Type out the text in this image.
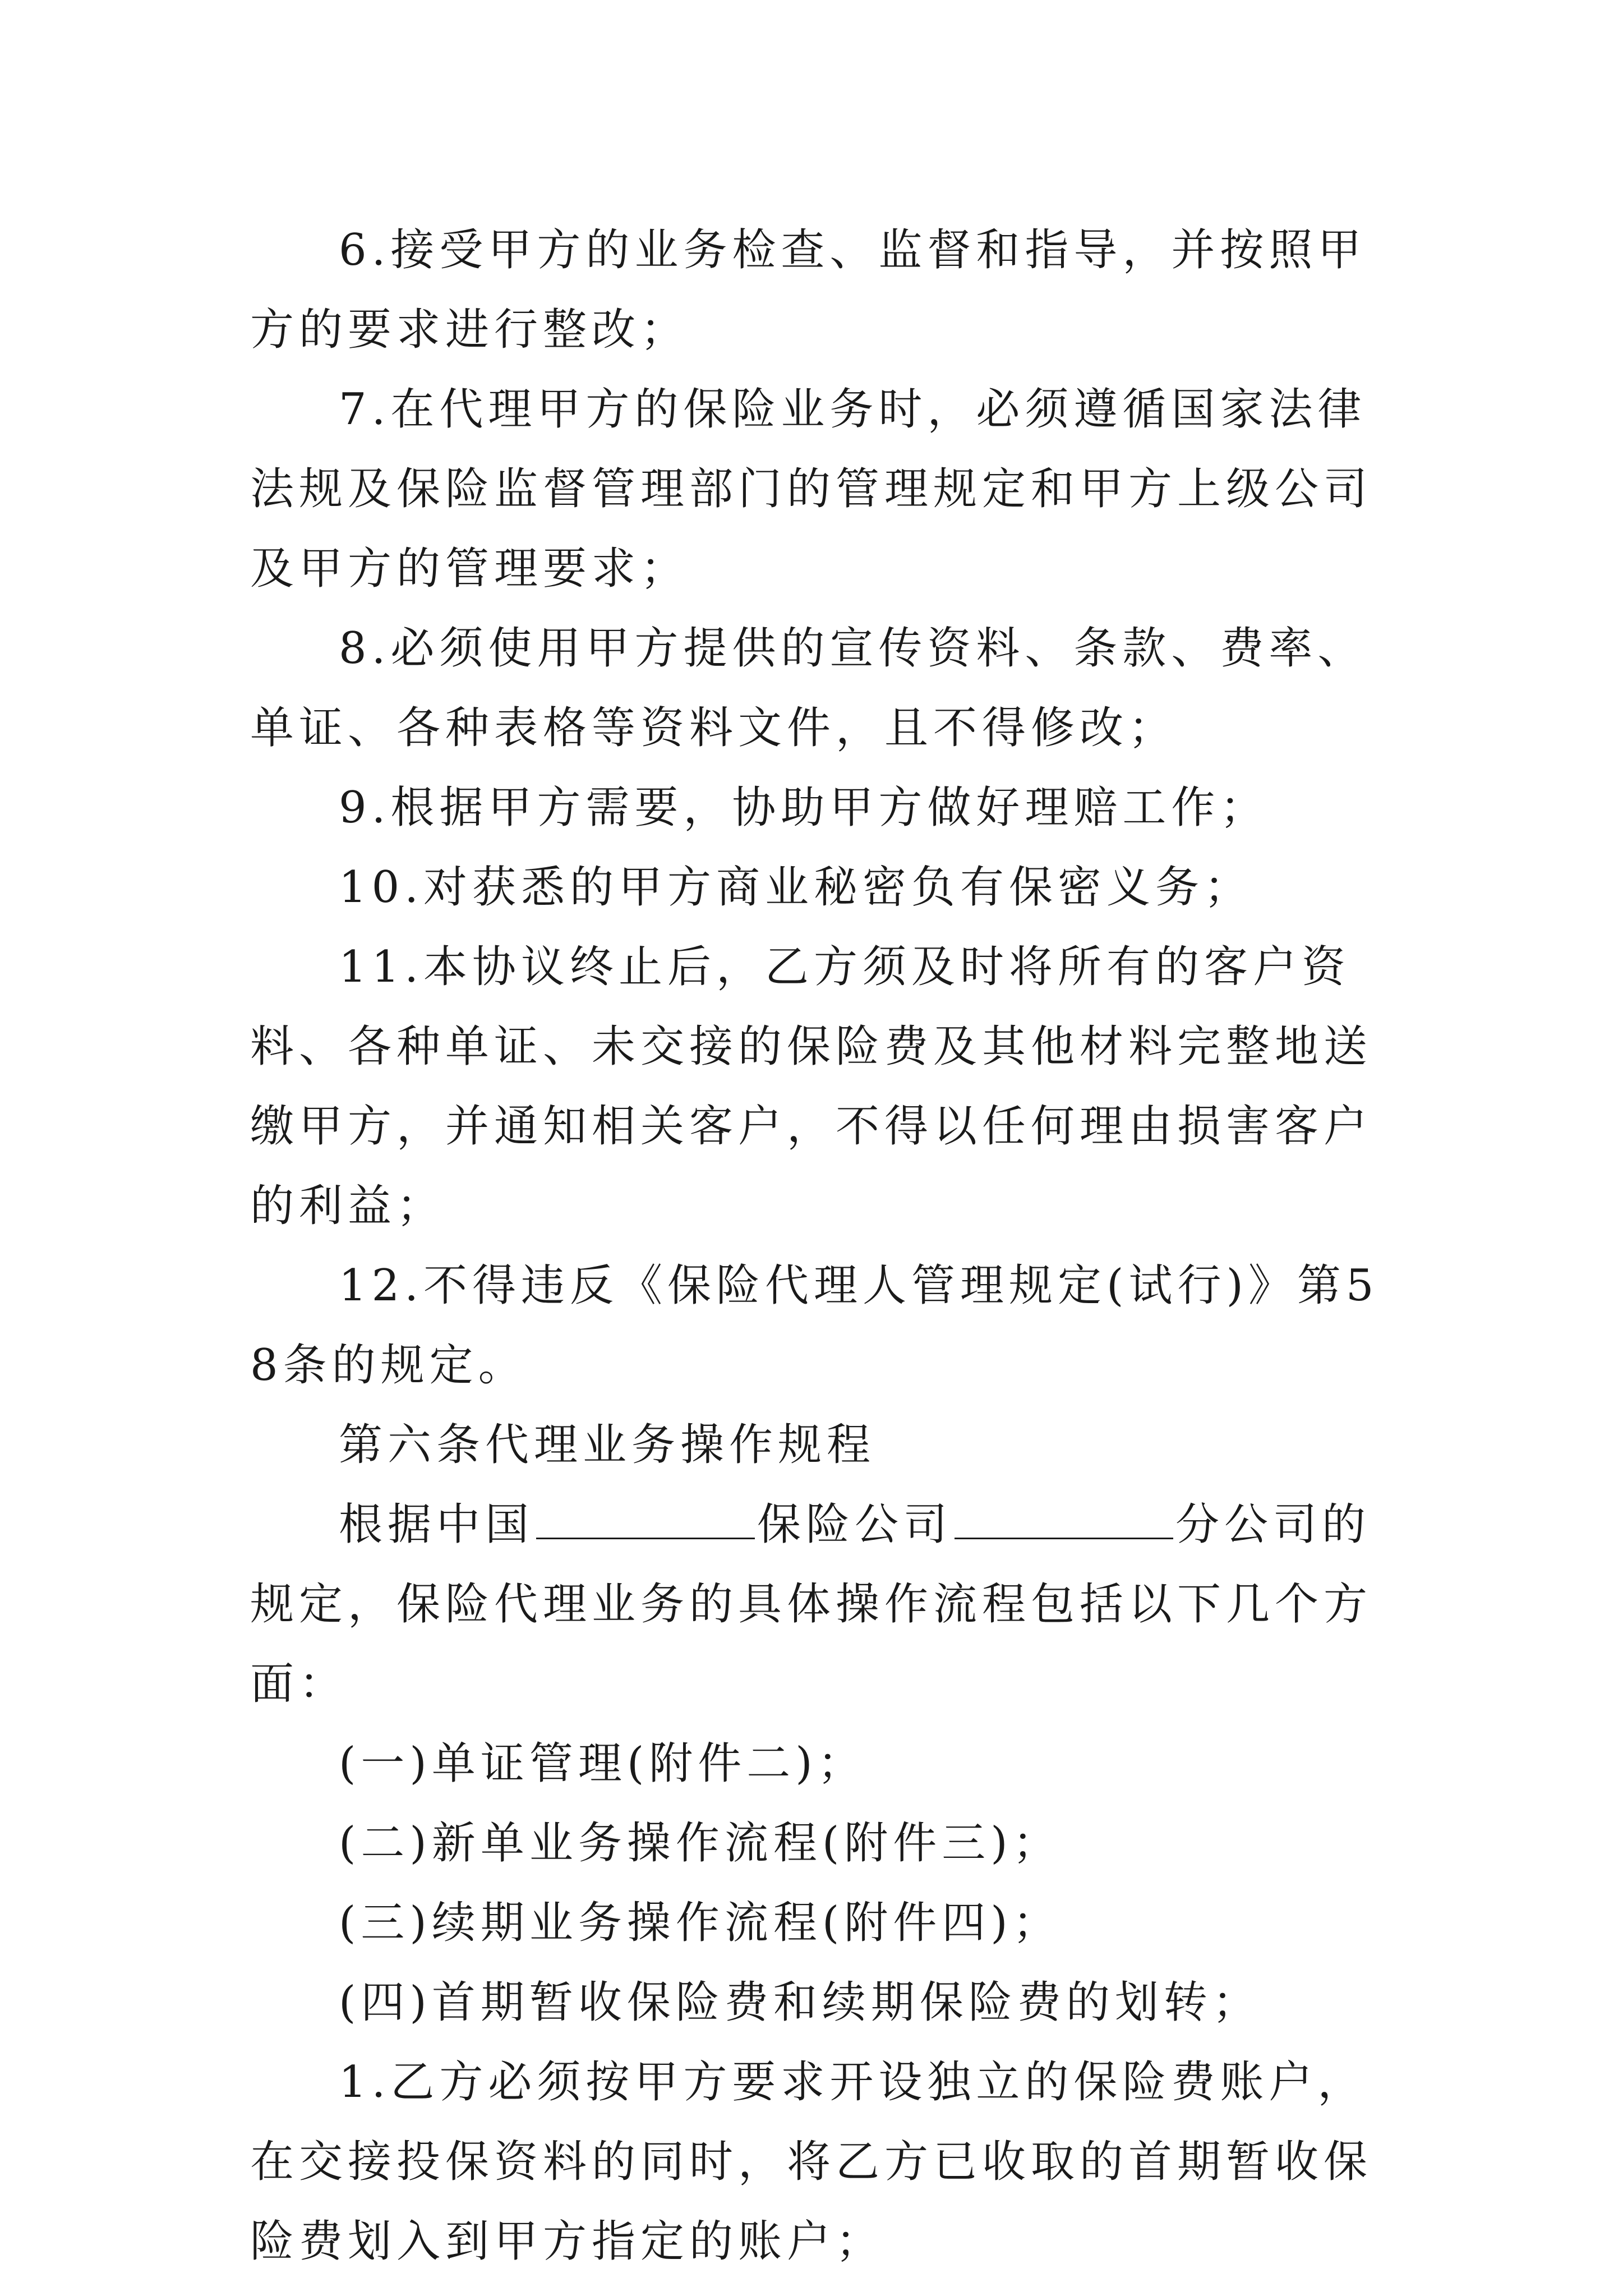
6.接受甲方的业务检查、监督和指导，并按照甲方的要求进行整改；

7.在代理甲方的保险业务时，必须遵循国家法律法规及保险监督管理部门的管理规定和甲方上级公司及甲方的管理要求；

8.必须使用甲方提供的宣传资料、条款、费率、单证、各种表格等资料文件，且不得修改；

9.根据甲方需要，协助甲方做好理赔工作；

10.对获悉的甲方商业秘密负有保密义务；

11.本协议终止后，乙方须及时将所有的客户资料、各种单证、未交接的保险费及其他材料完整地送缴甲方，并通知相关客户，不得以任何理由损害客户的利益；

12.不得违反《保险代理人管理规定(试行)》第58条的规定。

第六条代理业务操作规程

根据中国	保险公司	分公司的规定，保险代理业务的具体操作流程包括以下几个方面：

(一)单证管理(附件二)；

(二)新单业务操作流程(附件三)；

(三)续期业务操作流程(附件四)；

(四)首期暂收保险费和续期保险费的划转；

1.乙方必须按甲方要求开设独立的保险费账户，在交接投保资料的同时，将乙方已收取的首期暂收保险费划入到甲方指定的账户；
